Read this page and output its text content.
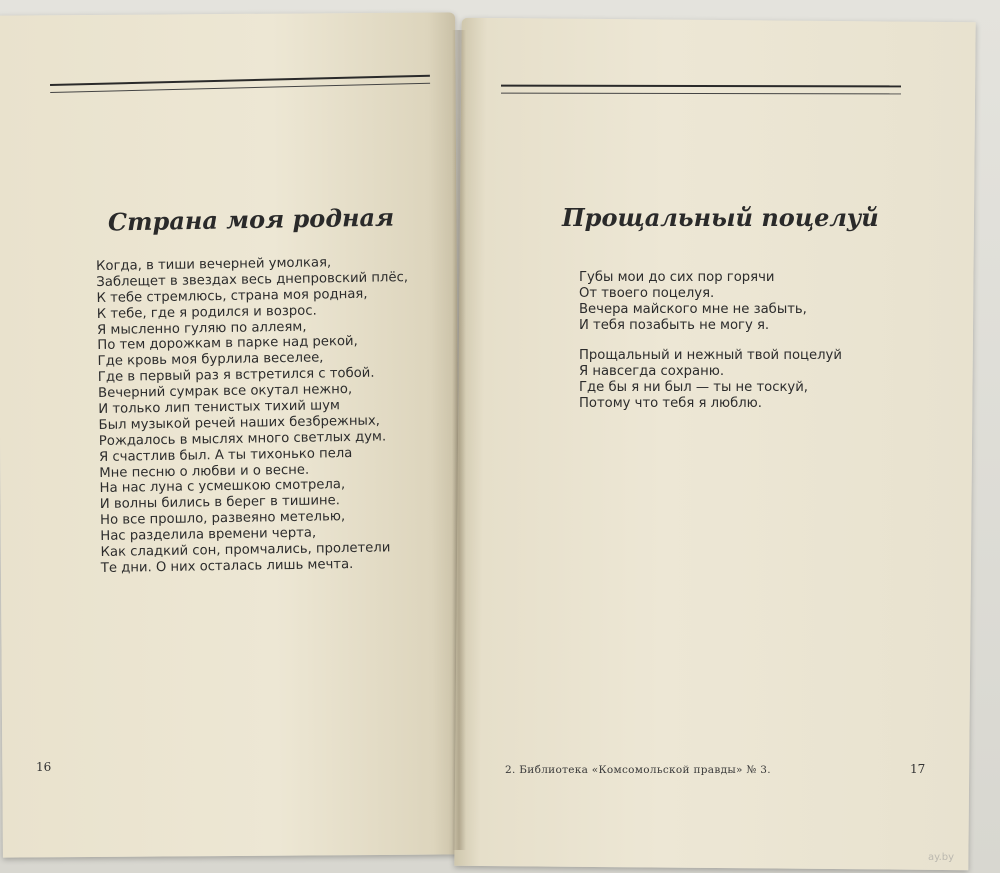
Страна моя родная
Когда, в тиши вечерней умолкая,
Заблещет в звездах весь днепровский плёс,
К тебе стремлюсь, страна моя родная,
К тебе, где я родился и возрос.
Я мысленно гуляю по аллеям,
По тем дорожкам в парке над рекой,
Где кровь моя бурлила веселее,
Где в первый раз я встретился с тобой.
Вечерний сумрак все окутал нежно,
И только лип тенистых тихий шум
Был музыкой речей наших безбрежных,
Рождалось в мыслях много светлых дум.
Я счастлив был. А ты тихонько пела
Мне песню о любви и о весне.
На нас луна с усмешкою смотрела,
И волны бились в берег в тишине.
Но все прошло, развеяно метелью,
Нас разделила времени черта,
Как сладкий сон, промчались, пролетели
Те дни. О них осталась лишь мечта.
16
Прощальный поцелуй
Губы мои до сих пор горячи
От твоего поцелуя.
Вечера майского мне не забыть,
И тебя позабыть не могу я.
Прощальный и нежный твой поцелуй
Я навсегда сохраню.
Где бы я ни был — ты не тоскуй,
Потому что тебя я люблю.
2. Библиотека «Комсомольской правды» № 3.	17
ay.by
